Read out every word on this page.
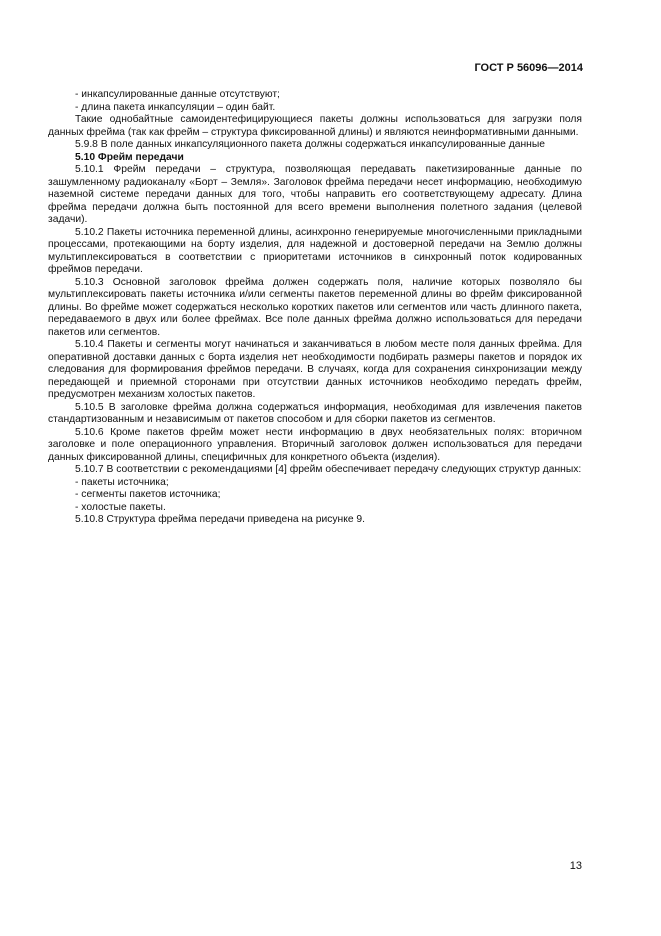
ГОСТ Р 56096—2014

- инкапсулированные данные отсутствуют;

- длина пакета инкапсуляции – один байт.

Такие однобайтные самоидентефицирующиеся пакеты должны использоваться для загрузки поля данных фрейма (так как фрейм – структура фиксированной длины) и являются неинформативными данными.

5.9.8 В поле данных инкапсуляционного пакета должны содержаться инкапсулированные данные

5.10 Фрейм передачи

5.10.1 Фрейм передачи – структура, позволяющая передавать пакетизированные данные по зашумленному радиоканалу «Борт – Земля». Заголовок фрейма передачи несет информацию, необходимую наземной системе передачи данных для того, чтобы направить его соответствующему адресату. Длина фрейма передачи должна быть постоянной для всего времени выполнения полетного задания (целевой задачи).

5.10.2 Пакеты источника переменной длины, асинхронно генерируемые многочисленными прикладными процессами, протекающими на борту изделия, для надежной и достоверной передачи на Землю должны мультиплексироваться в соответствии с приоритетами источников в синхронный поток кодированных фреймов передачи.

5.10.3 Основной заголовок фрейма должен содержать поля, наличие которых позволяло бы мультиплексировать пакеты источника и/или сегменты пакетов переменной длины во фрейм фиксированной длины. Во фрейме может содержаться несколько коротких пакетов или сегментов или часть длинного пакета, передаваемого в двух или более фреймах. Все поле данных фрейма должно использоваться для передачи пакетов или сегментов.

5.10.4 Пакеты и сегменты могут начинаться и заканчиваться в любом месте поля данных фрейма. Для оперативной доставки данных с борта изделия нет необходимости подбирать размеры пакетов и порядок их следования для формирования фреймов передачи. В случаях, когда для сохранения синхронизации между передающей и приемной сторонами при отсутствии данных источников необходимо передать фрейм, предусмотрен механизм холостых пакетов.

5.10.5 В заголовке фрейма должна содержаться информация, необходимая для извлечения пакетов стандартизованным и независимым от пакетов способом и для сборки пакетов из сегментов.

5.10.6 Кроме пакетов фрейм может нести информацию в двух необязательных полях: вторичном заголовке и поле операционного управления. Вторичный заголовок должен использоваться для передачи данных фиксированной длины, специфичных для конкретного объекта (изделия).

5.10.7 В соответствии с рекомендациями [4] фрейм обеспечивает передачу следующих структур данных:

- пакеты источника;

- сегменты пакетов источника;

- холостые пакеты.

5.10.8 Структура фрейма передачи приведена на рисунке 9.

13
